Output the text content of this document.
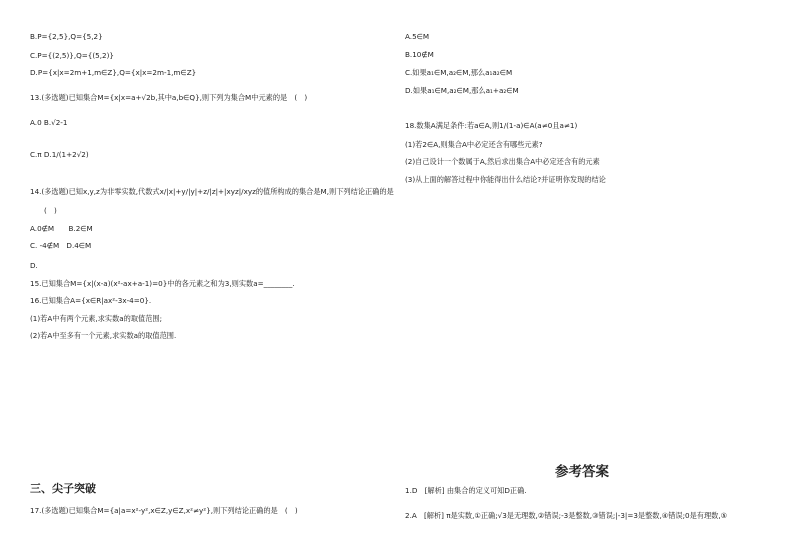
B.P={2,5},Q={5,2}
C.P={(2,5)},Q={(5,2)}
D.P={x|x=2m+1,m∈Z},Q={x|x=2m-1,m∈Z}
13.(多选题)已知集合M={x|x=a+√2b,其中a,b∈Q},则下列为集合M中元素的是　(　)
A.0 B.√2-1
C.π D.1/(1+2√2)
14.(多选题)已知x,y,z为非零实数,代数式x/|x|+y/|y|+z/|z|+|xyz|/xyz的值所构成的集合是M,则下列结论正确的是
(　)
A.0∉M　　B.2∈M
C. -4∉M　D.4∈M
D.
15.已知集合M={x|(x-a)(x²-ax+a-1)=0}中的各元素之和为3,则实数a=________.
16.已知集合A={x∈R|ax²-3x-4=0}.
(1)若A中有两个元素,求实数a的取值范围;
(2)若A中至多有一个元素,求实数a的取值范围.
三、尖子突破
17.(多选题)已知集合M={a|a=x²-y²,x∈Z,y∈Z,x²≠y²},则下列结论正确的是　(　)
A.5∈M
B.10∉M
C.如果a₁∈M,a₂∈M,那么a₁a₂∈M
D.如果a₁∈M,a₂∈M,那么a₁+a₂∈M
18.数集A满足条件:若a∈A,则1/(1-a)∈A(a≠0且a≠1)
(1)若2∈A,则集合A中必定还含有哪些元素?
(2)自己设计一个数属于A,然后求出集合A中必定还含有的元素
(3)从上面的解答过程中你能得出什么结论?并证明你发现的结论
参考答案
1.D　[解析] 由集合的定义可知D正确.
2.A　[解析] π是实数,①正确;√3是无理数,②错误;-3是整数,③错误;|-3|=3是整数,④错误;0是有理数,⑤
